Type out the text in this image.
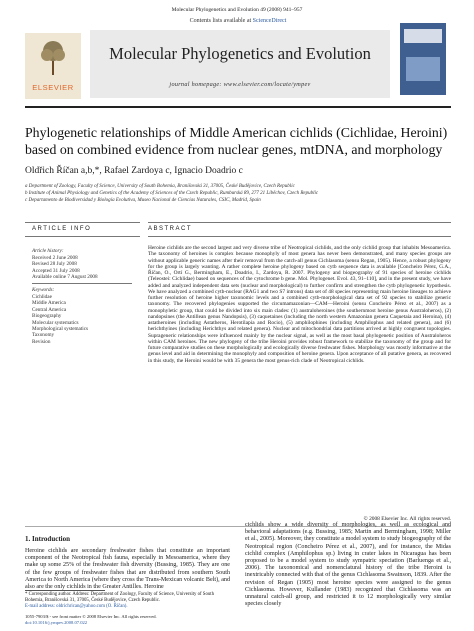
Molecular Phylogenetics and Evolution 49 (2008) 941–957
Contents lists available at ScienceDirect
ELSEVIER
Molecular Phylogenetics and Evolution
journal homepage: www.elsevier.com/locate/ympev
Phylogenetic relationships of Middle American cichlids (Cichlidae, Heroini) based on combined evidence from nuclear genes, mtDNA, and morphology
Oldřich Říčan a,b,*, Rafael Zardoya c, Ignacio Doadrio c
a Department of Zoology, Faculty of Science, University of South Bohemia, Branišovská 31, 37005, České Budějovice, Czech Republic
b Institute of Animal Physiology and Genetics of the Academy of Sciences of the Czech Republic, Rumburská 89, 277 21 Liběchov, Czech Republic
c Departamento de Biodiversidad y Biología Evolutiva, Museo Nacional de Ciencias Naturales, CSIC, Madrid, Spain
ARTICLE INFO
Article history:
Received 2 June 2008
Revised 28 July 2008
Accepted 31 July 2008
Available online 7 August 2008
Keywords:
Cichlidae
Middle America
Central America
Biogeography
Molecular systematics
Morphological systematics
Taxonomy
Revision
ABSTRACT
Heroine cichlids are the second largest and very diverse tribe of Neotropical cichlids, and the only cichlid group that inhabits Mesoamerica. The taxonomy of heroines is complex because monophyly of most genera has never been demonstrated, and many species groups are without applicable generic names after their removal from the catch-all genus Cichlasoma (sensu Regan, 1905). Hence, a robust phylogeny for the group is largely wanting. A rather complete heroine phylogeny based on cytb sequence data is available [Concheiro Pérez, G.A., Říčan, O., Ortí G., Bermingham, E., Doadrio, I., Zardoya, R. 2007. Phylogeny and biogeography of 91 species of heroine cichlids (Teleostei: Cichlidae) based on sequences of the cytochrome b gene. Mol. Phylogenet. Evol. 43, 91–110], and in the present study, we have added and analyzed independent data sets (nuclear and morphological) to further confirm and strengthen the cytb phylogenetic hypothesis. We have analyzed a combined cytb-nuclear (RAG1 and two S7 introns) data set of 48 species representing main heroine lineages to achieve further resolution of heroine higher taxonomic levels and a combined cytb-morphological data set of 92 species to stabilize generic taxonomy. The recovered phylogenies supported the circumamazonian—CAM—Heroini (sensu Concheiro Pérez et al., 2007) as a monophyletic group, that could be divided into six main clades: (1) australoheroines (the southernmost heroine genus Australoheros), (2) nandopsines (the Antillean genus Nandopsis), (3) caquetaines (including the north western Amazonian genera Caquetaia and Heroina), (4) astatheroines (including Astatheros, Herotilapia and Rocio), (5) amphilophines (including Amphilophus and related genera), and (6) herichthyines (including Herichthys and related genera). Nuclear and mitochondrial data partitions arrived at highly congruent topologies. Suprageneric relationships were influenced mainly by the nuclear signal, as well as the most basal phylogenetic position of Australoheros within CAM heroines. The new phylogeny of the tribe Heroini provides robust framework to stabilize the taxonomy of the group and for future comparative studies on these morphologically and ecologically diverse freshwater fishes. Morphology was mostly informative at the genus level and aid in determining the monophyly and composition of heroine genera. Upon acceptance of all putative genera, as recovered in this study, the Heroini would be with 35 genera the most genus-rich clade of Neotropical cichlids.
© 2008 Elsevier Inc. All rights reserved.
1. Introduction
Heroine cichlids are secondary freshwater fishes that constitute an important component of the Neotropical fish fauna, especially in Mesoamerica, where they make up some 25% of the freshwater fish diversity (Bussing, 1985). They are one of the few groups of freshwater fishes that are distributed from southern South America to North America (where they cross the Trans-Mexican volcanic Belt), and also are the only cichlids in the Greater Antilles. Heroine
cichlids show a wide diversity of morphologies, as well as ecological and behavioral adaptations (e.g. Bussing, 1985; Martin and Bermingham, 1998; Miller et al., 2005). Moreover, they constitute a model system to study biogeography of the Neotropical region (Concheiro Pérez et al., 2007), and for instance, the Midas cichlid complex (Amphilophus sp.) living in crater lakes in Nicaragua has been proposed to be a model system to study sympatric speciation (Barluenga et al., 2006). The taxonomical and nomenclatural history of the tribe Heroini is inextricably connected with that of the genus Cichlasoma Swainson, 1839. After the revision of Regan (1905) most heroine species were assigned to the genus Cichlasoma. However, Kullander (1983) recognized that Cichlasoma was an unnatural catch-all group, and restricted it to 12 morphologically very similar species closely
* Corresponding author. Address: Department of Zoology, Faculty of Science, University of South Bohemia, Branišovská 31, 37005, České Budějovice, Czech Republic.
E-mail address: oldrichrican@yahoo.com (O. Říčan).
1055-7903/$ - see front matter © 2008 Elsevier Inc. All rights reserved.
doi:10.1016/j.ympev.2008.07.022
